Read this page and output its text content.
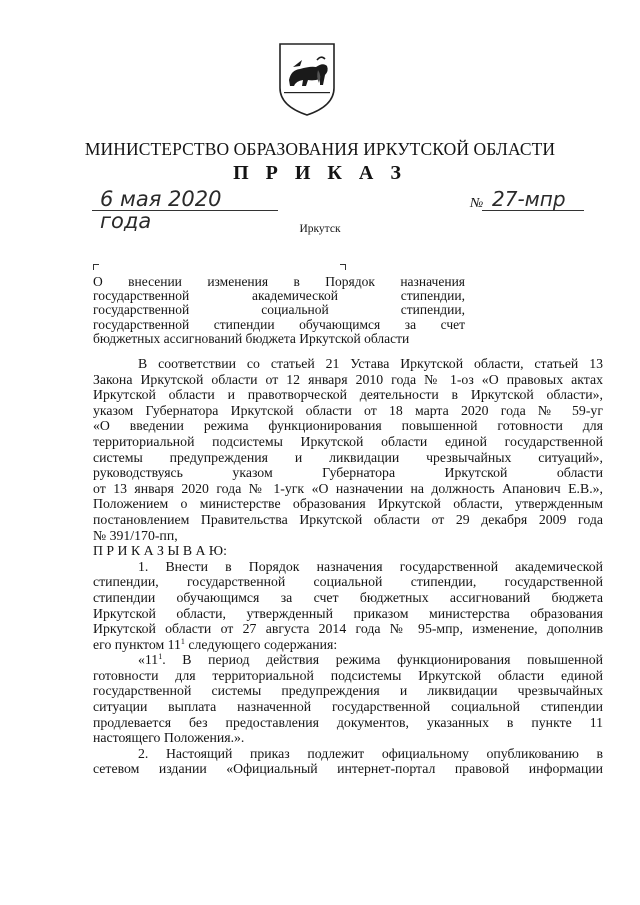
МИНИСТЕРСТВО ОБРАЗОВАНИЯ ИРКУТСКОЙ ОБЛАСТИ
П Р И К А З
6 мая 2020 года
№ 27-мпр
Иркутск
О внесении изменения в Порядок назначения
государственной академической стипендии,
государственной социальной стипендии,
государственной стипендии обучающимся за счет
бюджетных ассигнований бюджета Иркутской области
В соответствии со статьей 21 Устава Иркутской области, статьей 13
Закона Иркутской области от 12 января 2010 года № 1-оз «О правовых актах
Иркутской области и правотворческой деятельности в Иркутской области»,
указом Губернатора Иркутской области от 18 марта 2020 года № 59-уг
«О введении режима функционирования повышенной готовности для
территориальной подсистемы Иркутской области единой государственной
системы предупреждения и ликвидации чрезвычайных ситуаций»,
руководствуясь указом Губернатора Иркутской области
от 13 января 2020 года № 1-угк «О назначении на должность Апанович Е.В.»,
Положением о министерстве образования Иркутской области, утвержденным
постановлением Правительства Иркутской области от 29 декабря 2009 года
№ 391/170-пп,
П Р И К А З Ы В А Ю:
1. Внести в Порядок назначения государственной академической
стипендии, государственной социальной стипендии, государственной
стипендии обучающимся за счет бюджетных ассигнований бюджета
Иркутской области, утвержденный приказом министерства образования
Иркутской области от 27 августа 2014 года № 95-мпр, изменение, дополнив
его пунктом $11^1$ следующего содержания:
«$11^1$. В период действия режима функционирования повышенной
готовности для территориальной подсистемы Иркутской области единой
государственной системы предупреждения и ликвидации чрезвычайных
ситуации выплата назначенной государственной социальной стипендии
продлевается без предоставления документов, указанных в пункте 11
настоящего Положения.».
2. Настоящий приказ подлежит официальному опубликованию в
сетевом издании «Официальный интернет-портал правовой информации
